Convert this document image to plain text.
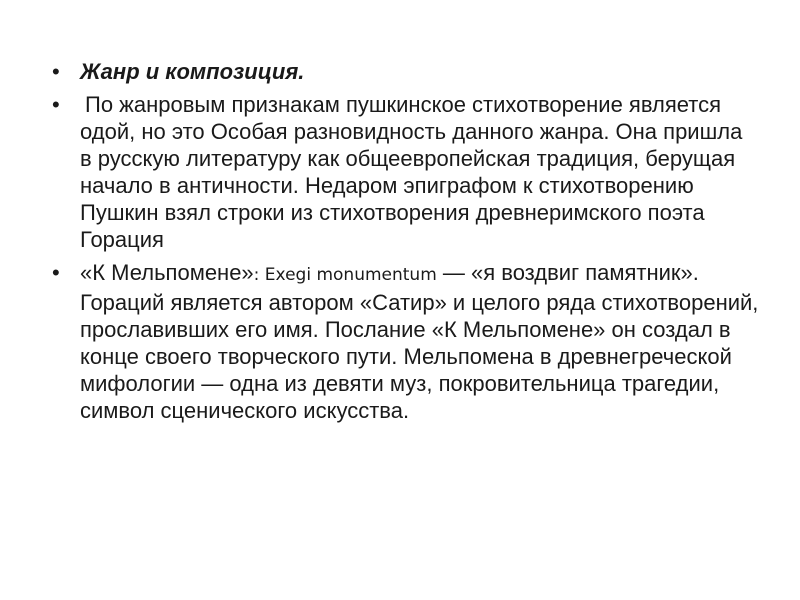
• Жанр и композиция.
•	По жанровым признакам пушкинское стихотворение является одой, но это Особая разновидность данного жанра. Она пришла в русскую литературу как общеевропейская традиция, берущая начало в античности. Недаром эпиграфом к стихотворению Пушкин взял строки из стихотворения древнеримского поэта Горация
• «К Мельпомене»: Exegi monumentum — «я воздвиг памятник». Гораций является автором «Сатир» и целого ряда стихотворений, прославивших его имя. Послание «К Мельпомене» он создал в конце своего творческого пути. Мельпомена в древнегреческой мифологии — одна из девяти муз, покровительница трагедии, символ сценического искусства.
